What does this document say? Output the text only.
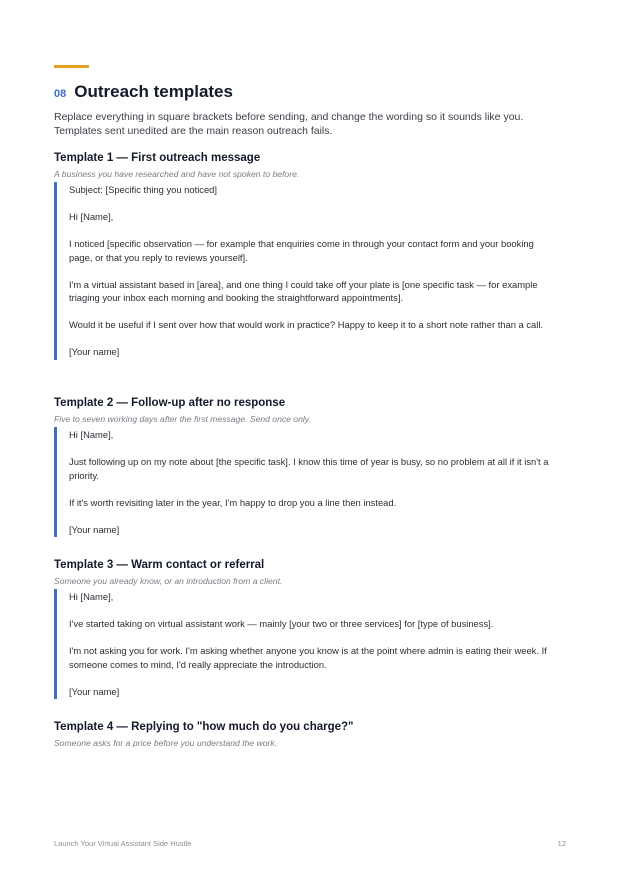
08 Outreach templates

Replace everything in square brackets before sending, and change the wording so it sounds like you. Templates sent unedited are the main reason outreach fails.

Template 1 — First outreach message

A business you have researched and have not spoken to before.

Subject: [Specific thing you noticed]

Hi [Name],

I noticed [specific observation — for example that enquiries come in through your contact form and your booking page, or that you reply to reviews yourself].

I'm a virtual assistant based in [area], and one thing I could take off your plate is [one specific task — for example triaging your inbox each morning and booking the straightforward appointments].

Would it be useful if I sent over how that would work in practice? Happy to keep it to a short note rather than a call.

[Your name]

Template 2 — Follow-up after no response

Five to seven working days after the first message. Send once only.

Hi [Name],

Just following up on my note about [the specific task]. I know this time of year is busy, so no problem at all if it isn't a priority.

If it's worth revisiting later in the year, I'm happy to drop you a line then instead.

[Your name]

Template 3 — Warm contact or referral

Someone you already know, or an introduction from a client.

Hi [Name],

I've started taking on virtual assistant work — mainly [your two or three services] for [type of business].

I'm not asking you for work. I'm asking whether anyone you know is at the point where admin is eating their week. If someone comes to mind, I'd really appreciate the introduction.

[Your name]

Template 4 — Replying to "how much do you charge?"

Someone asks for a price before you understand the work.

Launch Your Virtual Assistant Side Hustle	12
